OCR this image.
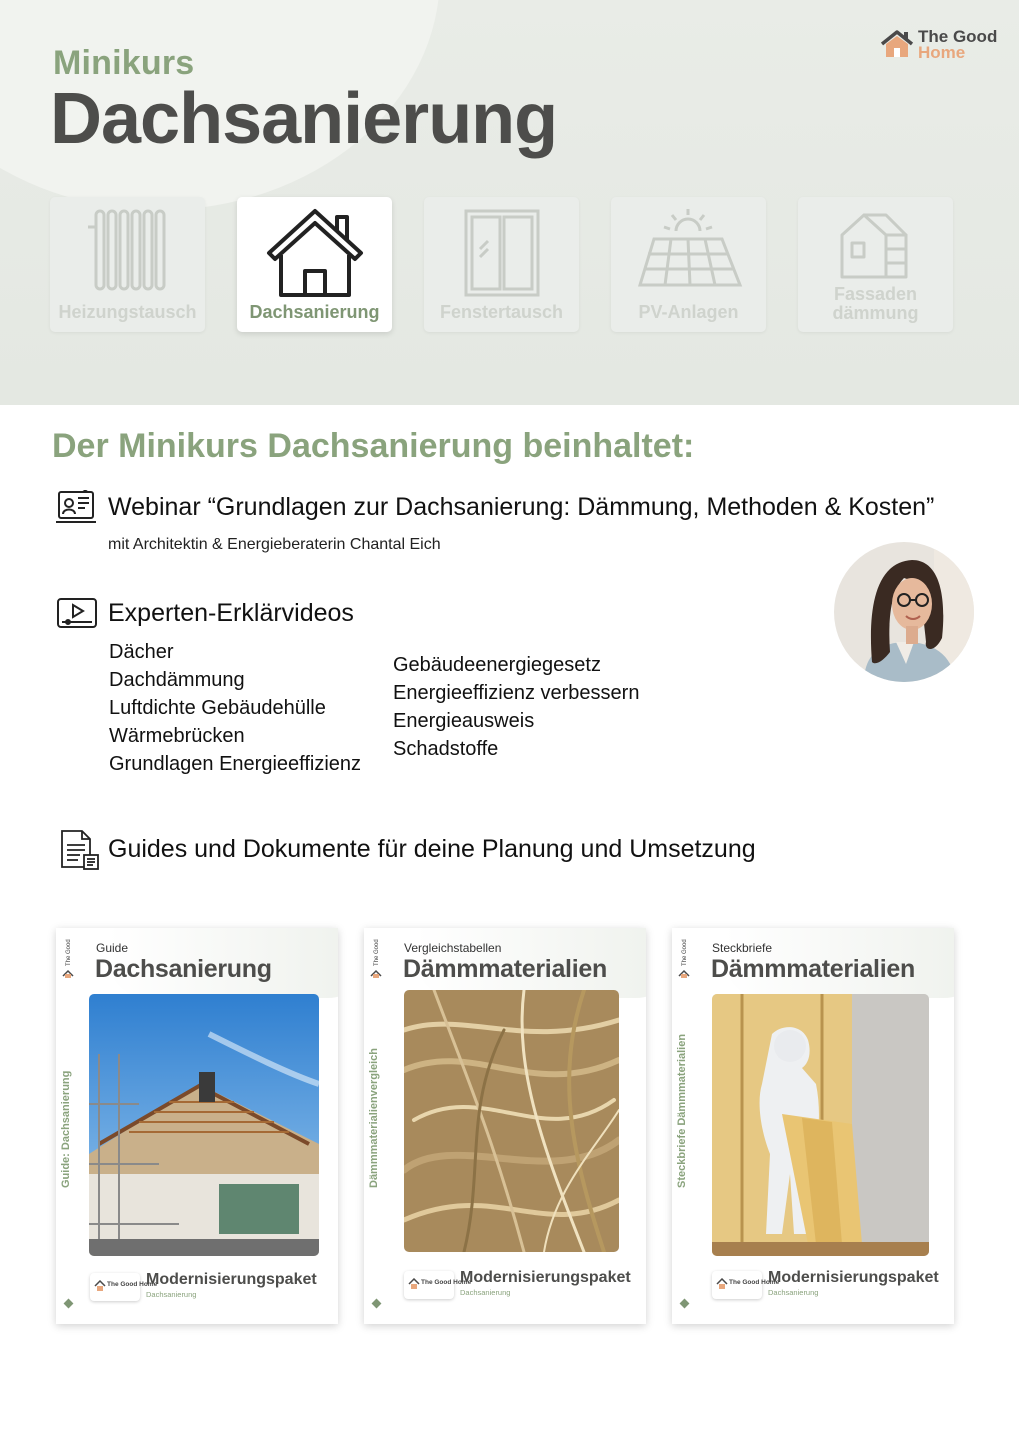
Minikurs
Dachsanierung
The Good
Home
Heizungstausch	Dachsanierung	Fenstertausch	PV-Anlagen
Fassaden
dämmung
Der Minikurs Dachsanierung beinhaltet:
Webinar “Grundlagen zur Dachsanierung: Dämmung, Methoden & Kosten”
mit Architektin & Energieberaterin Chantal Eich
Experten-Erklärvideos
Dächer
Dachdämmung
Luftdichte Gebäudehülle
Wärmebrücken
Grundlagen Energieeffizienz
Gebäudeenergiegesetz
Energieeffizienz verbessern
Energieausweis
Schadstoffe
Guides und Dokumente für deine Planung und Umsetzung
The Good Guide
Dachsanierung
Guide: Dachsanierung
The Good Home
Modernisierungspaket
Dachsanierung
The Good Vergleichstabellen
Dämmmaterialien
Dämmmaterialienvergleich
The Good Home
Modernisierungspaket
Dachsanierung
The Good Steckbriefe
Dämmmaterialien
Steckbriefe Dämmmaterialien
The Good Home
Modernisierungspaket
Dachsanierung
